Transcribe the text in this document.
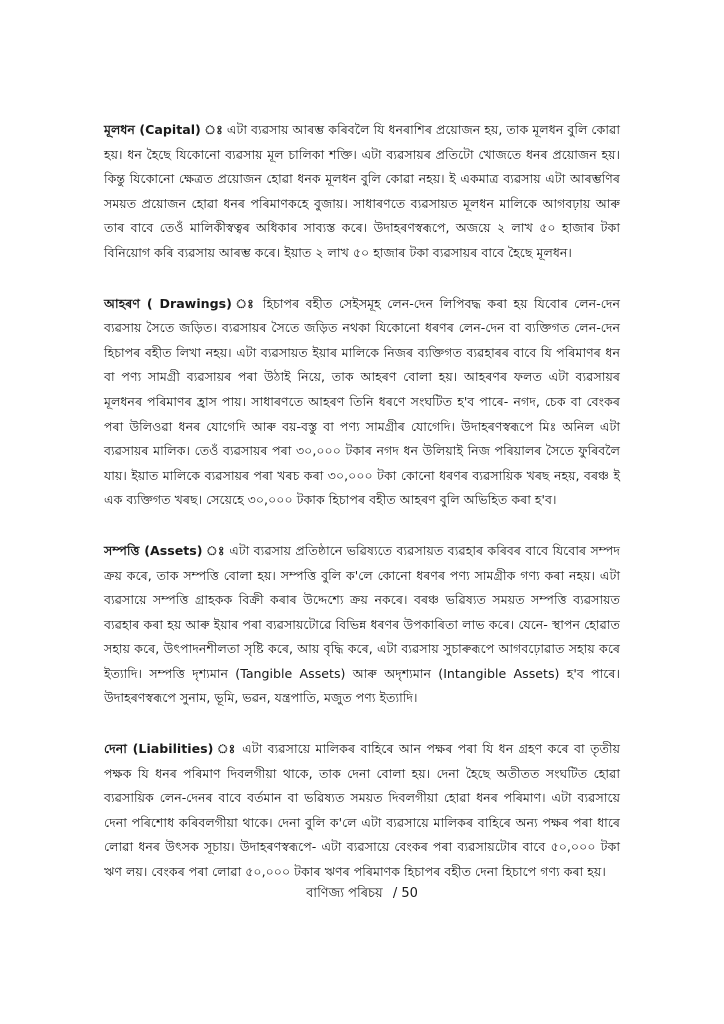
মূলধন (Capital) ঃ এটা ব্যৱসায় আৰম্ভ কৰিবলৈ যি ধনৰাশিৰ প্ৰয়োজন হয়, তাক মূলধন বুলি কোৱা হয়। ধন হৈছে যিকোনো ব্যৱসায় মূল চালিকা শক্তি। এটা ব্যৱসায়ৰ প্ৰতিটো খোজতে ধনৰ প্ৰয়োজন হয়। কিন্তু যিকোনো ক্ষেত্ৰত প্ৰয়োজন হোৱা ধনক মূলধন বুলি কোৱা নহয়। ই একমাত্ৰ ব্যৱসায় এটা আৰম্ভণিৰ সময়ত প্ৰয়োজন হোৱা ধনৰ পৰিমাণকহে বুজায়। সাধাৰণতে ব্যৱসায়ত মূলধন মালিকে আগবঢ়ায় আৰু তাৰ বাবে তেওঁ মালিকীস্বত্বৰ অধিকাৰ সাব্যস্ত কৰে। উদাহৰণস্বৰূপে, অজয়ে ২ লাখ ৫০ হাজাৰ টকা বিনিয়োগ কৰি ব্যৱসায় আৰম্ভ কৰে। ইয়াত ২ লাখ ৫০ হাজাৰ টকা ব্যৱসায়ৰ বাবে হৈছে মূলধন।

আহৰণ ( Drawings) ঃ হিচাপৰ বহীত সেইসমূহ লেন-দেন লিপিবদ্ধ কৰা হয় যিবোৰ লেন-দেন ব্যৱসায় সৈতে জড়িত। ব্যৱসায়ৰ সৈতে জড়িত নথকা যিকোনো ধৰণৰ লেন-দেন বা ব্যক্তিগত লেন-দেন হিচাপৰ বহীত লিখা নহয়। এটা ব্যৱসায়ত ইয়াৰ মালিকে নিজৰ ব্যক্তিগত ব্যৱহাৰৰ বাবে যি পৰিমাণৰ ধন বা পণ্য সামগ্ৰী ব্যৱসায়ৰ পৰা উঠাই নিয়ে, তাক আহৰণ বোলা হয়। আহৰণৰ ফলত এটা ব্যৱসায়ৰ মূলধনৰ পৰিমাণৰ হ্ৰাস পায়। সাধাৰণতে আহৰণ তিনি ধৰণে সংঘটিত হ'ব পাৰে- নগদ, চেক বা বেংকৰ পৰা উলিওৱা ধনৰ যোগেদি আৰু বয়-বস্তু বা পণ্য সামগ্ৰীৰ যোগেদি। উদাহৰণস্বৰূপে মিঃ অনিল এটা ব্যৱসায়ৰ মালিক। তেওঁ ব্যৱসায়ৰ পৰা ৩০,০০০ টকাৰ নগদ ধন উলিয়াই নিজ পৰিয়ালৰ সৈতে ফুৰিবলৈ যায়। ইয়াত মালিকে ব্যৱসায়ৰ পৰা খৰচ কৰা ৩০,০০০ টকা কোনো ধৰণৰ ব্যৱসায়িক খৰছ নহয়, বৰঞ্চ ই এক ব্যক্তিগত খৰছ। সেয়েহে ৩০,০০০ টকাক হিচাপৰ বহীত আহৰণ বুলি অভিহিত কৰা হ'ব।

সম্পত্তি (Assets) ঃ এটা ব্যৱসায় প্ৰতিষ্ঠানে ভৱিষ্যতে ব্যৱসায়ত ব্যৱহাৰ কৰিবৰ বাবে যিবোৰ সম্পদ ক্ৰয় কৰে, তাক সম্পত্তি বোলা হয়। সম্পত্তি বুলি ক'লে কোনো ধৰণৰ পণ্য সামগ্ৰীক গণ্য কৰা নহয়। এটা ব্যৱসায়ে সম্পত্তি গ্ৰাহকক বিক্ৰী কৰাৰ উদ্দেশ্যে ক্ৰয় নকৰে। বৰঞ্চ ভৱিষ্যত সময়ত সম্পত্তি ব্যৱসায়ত ব্যৱহাৰ কৰা হয় আৰু ইয়াৰ পৰা ব্যৱসায়টোৱে বিভিন্ন ধৰণৰ উপকাৰিতা লাভ কৰে। যেনে- স্থাপন হোৱাত সহায় কৰে, উৎপাদনশীলতা সৃষ্টি কৰে, আয় বৃদ্ধি কৰে, এটা ব্যৱসায় সুচাৰুৰূপে আগবঢ়োৱাত সহায় কৰে ইত্যাদি। সম্পত্তি দৃশ্যমান (Tangible Assets) আৰু অদৃশ্যমান (Intangible Assets) হ'ব পাৰে। উদাহৰণস্বৰূপে সুনাম, ভূমি, ভৱন, যন্ত্ৰপাতি, মজুত পণ্য ইত্যাদি।

দেনা (Liabilities) ঃ এটা ব্যৱসায়ে মালিকৰ বাহিৰে আন পক্ষৰ পৰা যি ধন গ্ৰহণ কৰে বা তৃতীয় পক্ষক যি ধনৰ পৰিমাণ দিবলগীয়া থাকে, তাক দেনা বোলা হয়। দেনা হৈছে অতীতত সংঘটিত হোৱা ব্যৱসায়িক লেন-দেনৰ বাবে বৰ্তমান বা ভৱিষ্যত সময়ত দিবলগীয়া হোৱা ধনৰ পৰিমাণ। এটা ব্যৱসায়ে দেনা পৰিশোধ কৰিবলগীয়া থাকে। দেনা বুলি ক'লে এটা ব্যৱসায়ে মালিকৰ বাহিৰে অন্য পক্ষৰ পৰা ধাৰে লোৱা ধনৰ উৎসক সূচায়। উদাহৰণস্বৰূপে- এটা ব্যৱসায়ে বেংকৰ পৰা ব্যৱসায়টোৰ বাবে ৫০,০০০ টকা ঋণ লয়। বেংকৰ পৰা লোৱা ৫০,০০০ টকাৰ ঋণৰ পৰিমাণক হিচাপৰ বহীত দেনা হিচাপে গণ্য কৰা হয়।

বাণিজ্য পৰিচয় / 50
